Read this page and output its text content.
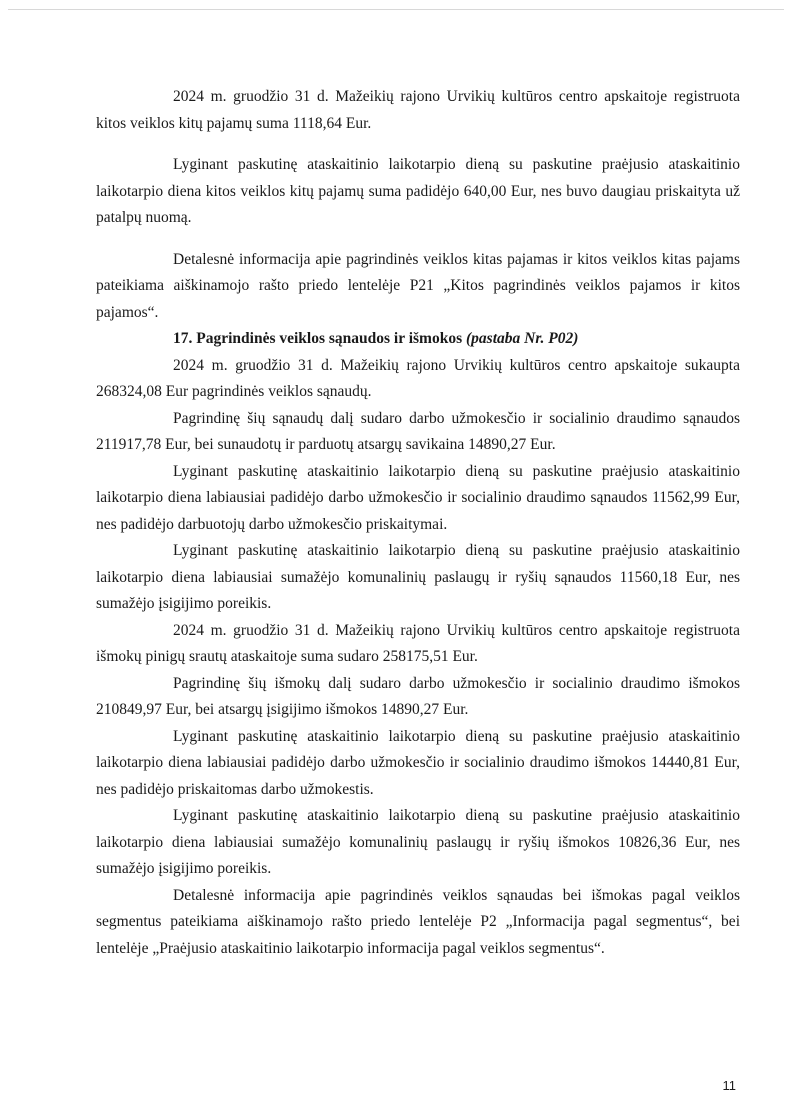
2024 m. gruodžio 31 d. Mažeikių rajono Urvikių kultūros centro apskaitoje registruota kitos veiklos kitų pajamų suma 1118,64 Eur.

Lyginant paskutinę ataskaitinio laikotarpio dieną su paskutine praėjusio ataskaitinio laikotarpio diena kitos veiklos kitų pajamų suma padidėjo 640,00 Eur, nes buvo daugiau priskaityta už patalpų nuomą.

Detalesnė informacija apie pagrindinės veiklos kitas pajamas ir kitos veiklos kitas pajams pateikiama aiškinamojo rašto priedo lentelėje P21 „Kitos pagrindinės veiklos pajamos ir kitos pajamos“.

17. Pagrindinės veiklos sąnaudos ir išmokos (pastaba Nr. P02)

2024 m. gruodžio 31 d. Mažeikių rajono Urvikių kultūros centro apskaitoje sukaupta 268324,08 Eur pagrindinės veiklos sąnaudų.

Pagrindinę šių sąnaudų dalį sudaro darbo užmokesčio ir socialinio draudimo sąnaudos 211917,78 Eur, bei sunaudotų ir parduotų atsargų savikaina 14890,27 Eur.

Lyginant paskutinę ataskaitinio laikotarpio dieną su paskutine praėjusio ataskaitinio laikotarpio diena labiausiai padidėjo darbo užmokesčio ir socialinio draudimo sąnaudos 11562,99 Eur, nes padidėjo darbuotojų darbo užmokesčio priskaitymai.

Lyginant paskutinę ataskaitinio laikotarpio dieną su paskutine praėjusio ataskaitinio laikotarpio diena labiausiai sumažėjo komunalinių paslaugų ir ryšių sąnaudos 11560,18 Eur, nes sumažėjo įsigijimo poreikis.

2024 m. gruodžio 31 d. Mažeikių rajono Urvikių kultūros centro apskaitoje registruota išmokų pinigų srautų ataskaitoje suma sudaro 258175,51 Eur.

Pagrindinę šių išmokų dalį sudaro darbo užmokesčio ir socialinio draudimo išmokos 210849,97 Eur, bei atsargų įsigijimo išmokos 14890,27 Eur.

Lyginant paskutinę ataskaitinio laikotarpio dieną su paskutine praėjusio ataskaitinio laikotarpio diena labiausiai padidėjo darbo užmokesčio ir socialinio draudimo išmokos 14440,81 Eur, nes padidėjo priskaitomas darbo užmokestis.

Lyginant paskutinę ataskaitinio laikotarpio dieną su paskutine praėjusio ataskaitinio laikotarpio diena labiausiai sumažėjo komunalinių paslaugų ir ryšių išmokos 10826,36 Eur, nes sumažėjo įsigijimo poreikis.

Detalesnė informacija apie pagrindinės veiklos sąnaudas bei išmokas pagal veiklos segmentus pateikiama aiškinamojo rašto priedo lentelėje P2 „Informacija pagal segmentus“, bei lentelėje „Praėjusio ataskaitinio laikotarpio informacija pagal veiklos segmentus“.

11
